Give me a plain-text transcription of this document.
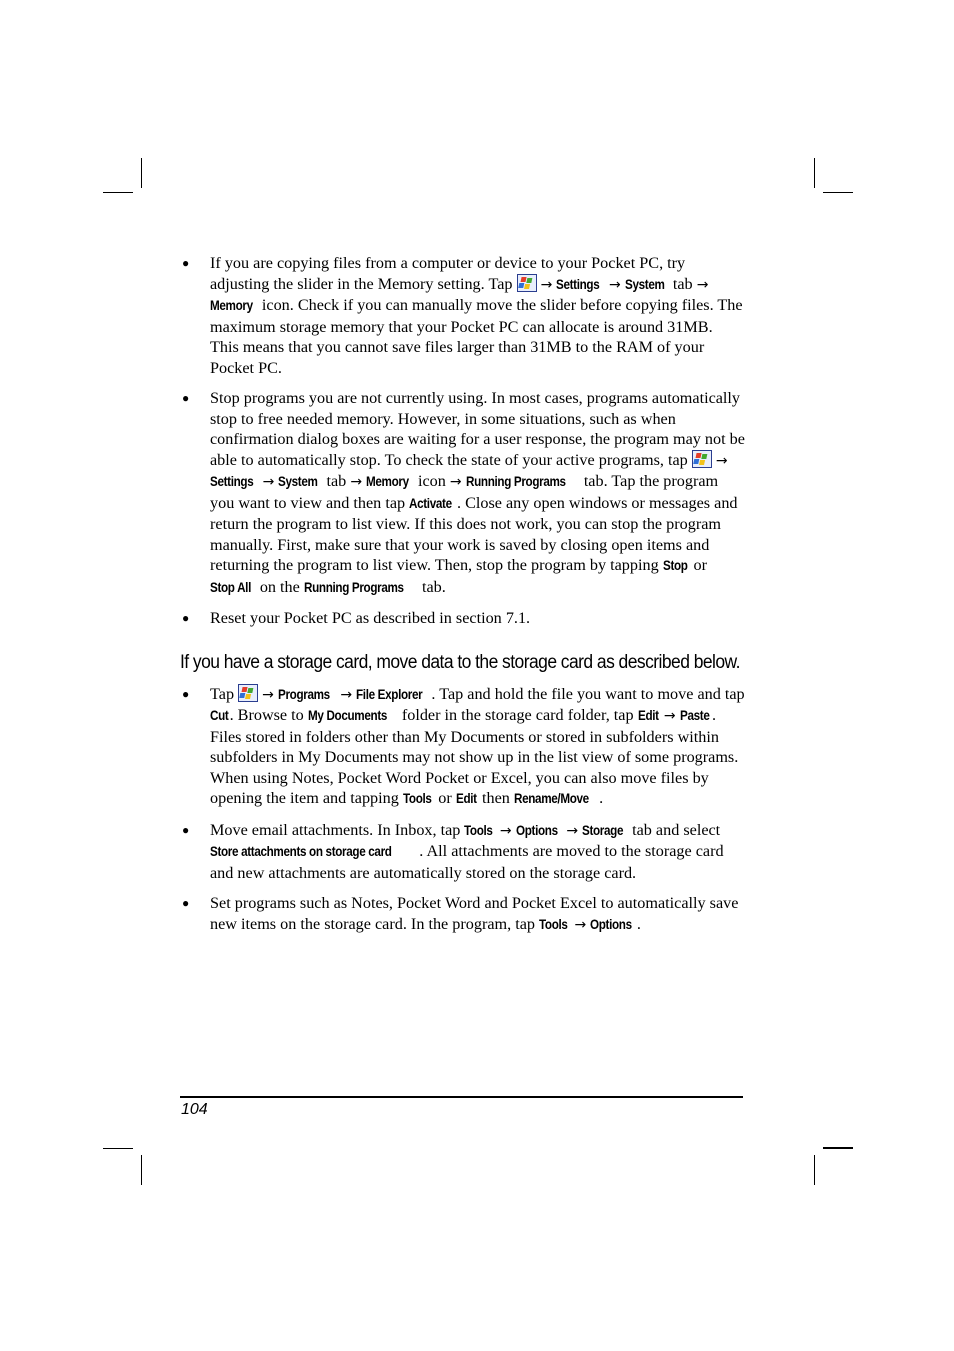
● If you are copying files from a computer or device to your Pocket PC, try adjusting the slider in the Memory setting. Tap
→ Settings → System tab → Memory icon. Check if you can manually move the slider before copying files. The maximum storage memory that your Pocket PC can allocate is around 31MB. This means that you cannot save files larger than 31MB to the RAM of your Pocket PC.
● Stop programs you are not currently using. In most cases, programs automatically stop to free needed memory. However, in some situations, such as when confirmation dialog boxes are waiting for a user response, the program may not be able to automatically stop. To check the state of your active programs, tap
→ Settings → System tab → Memory icon → Running Programs tab. Tap the program you want to view and then tap Activate . Close any open windows or messages and return the program to list view. If this does not work, you can stop the program manually. First, make sure that your work is saved by closing open items and returning the program to list view. Then, stop the program by tapping Stop or Stop All on the Running Programs tab.
● Reset your Pocket PC as described in section 7.1.
If you have a storage card, move data to the storage card as described below.
● Tap
→ Programs → File Explorer . Tap and hold the file you want to move and tap Cut. Browse to My Documents folder in the storage card folder, tap Edit → Paste . Files stored in folders other than My Documents or stored in subfolders within subfolders in My Documents may not show up in the list view of some programs. When using Notes, Pocket Word Pocket or Excel, you can also move files by opening the item and tapping Tools or Edit then Rename/Move .
● Move email attachments. In Inbox, tap Tools → Options → Storage tab and select Store attachments on storage card . All attachments are moved to the storage card and new attachments are automatically stored on the storage card.
● Set programs such as Notes, Pocket Word and Pocket Excel to automatically save new items on the storage card. In the program, tap Tools → Options .
104
